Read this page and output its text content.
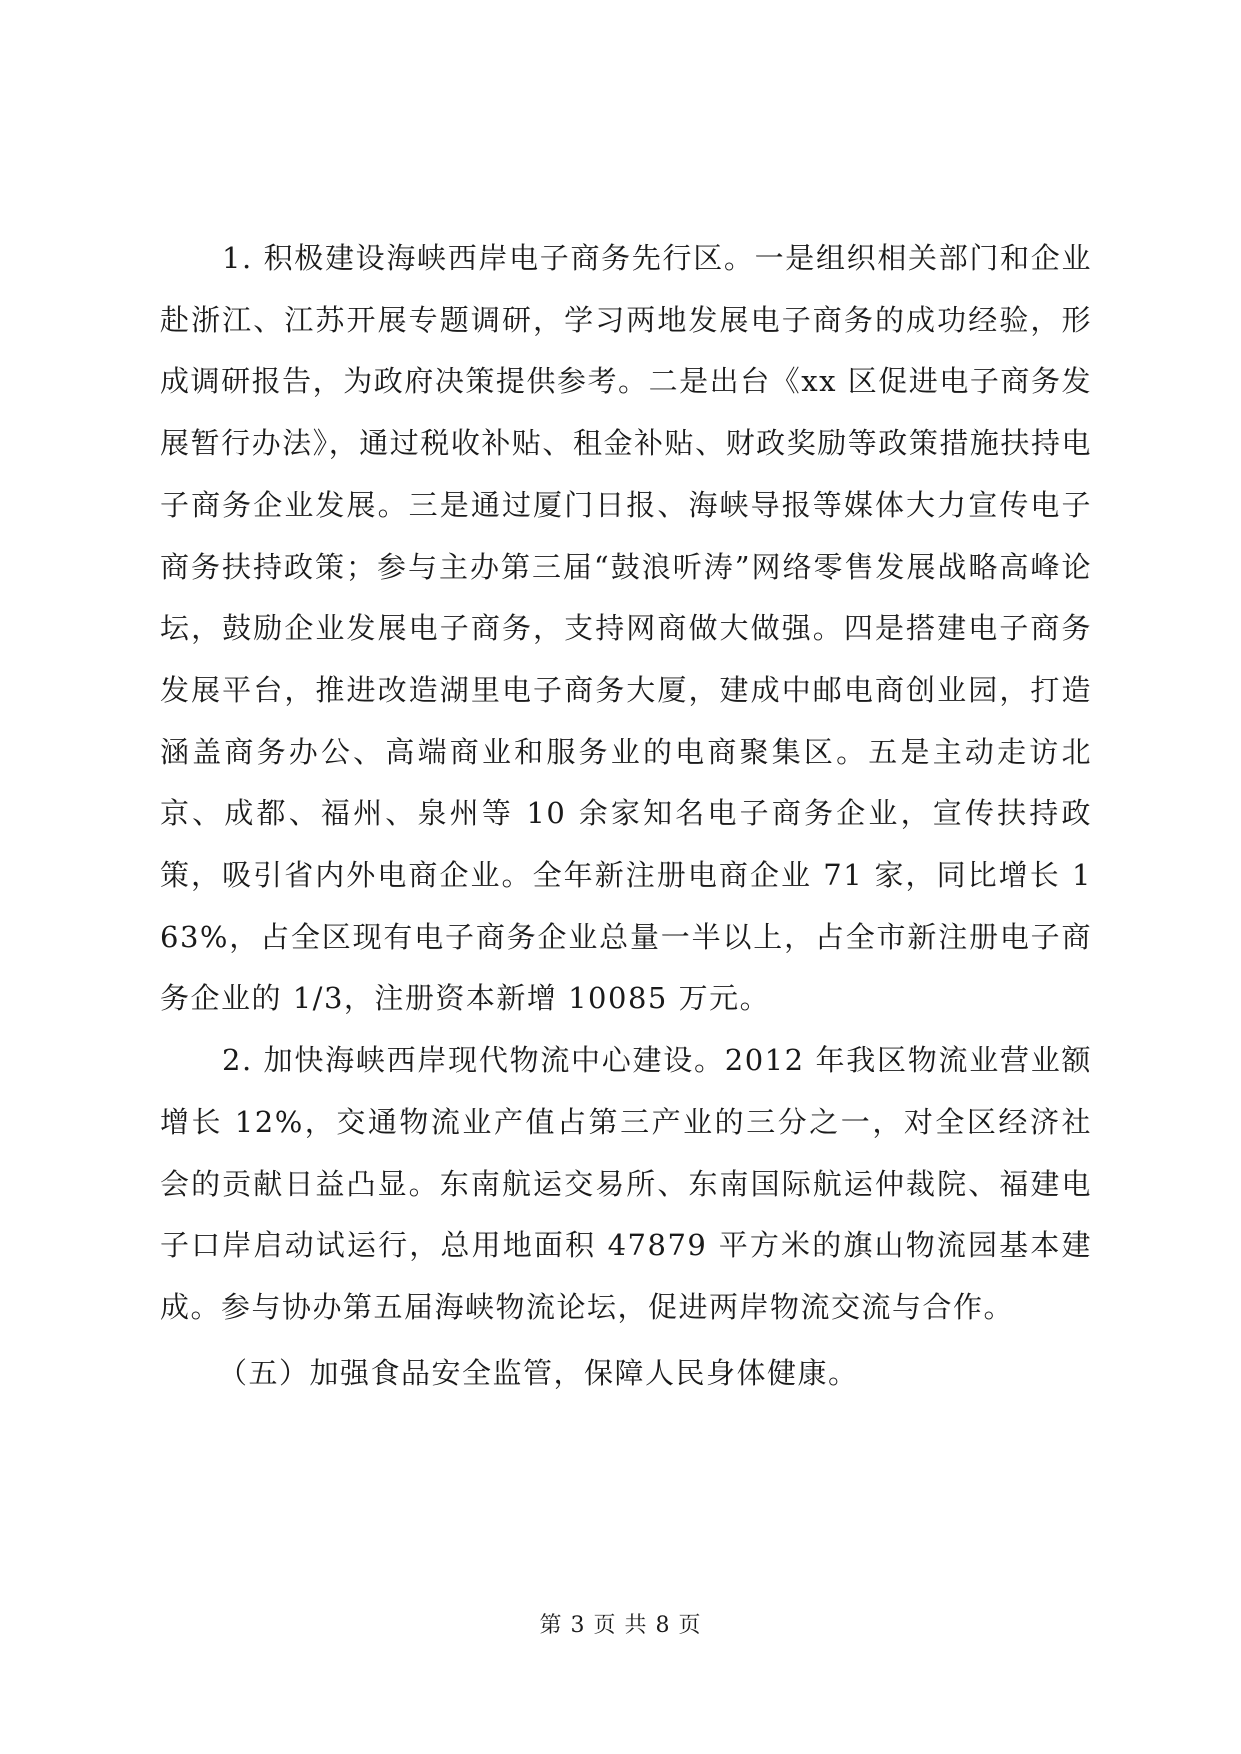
1. 积极建设海峡西岸电子商务先行区。一是组织相关部门和企业赴浙江、江苏开展专题调研，学习两地发展电子商务的成功经验，形成调研报告，为政府决策提供参考。二是出台《xx 区促进电子商务发展暂行办法》，通过税收补贴、租金补贴、财政奖励等政策措施扶持电子商务企业发展。三是通过厦门日报、海峡导报等媒体大力宣传电子商务扶持政策；参与主办第三届“鼓浪听涛”网络零售发展战略高峰论坛，鼓励企业发展电子商务，支持网商做大做强。四是搭建电子商务发展平台，推进改造湖里电子商务大厦，建成中邮电商创业园，打造涵盖商务办公、高端商业和服务业的电商聚集区。五是主动走访北京、成都、福州、泉州等 10 余家知名电子商务企业，宣传扶持政策，吸引省内外电商企业。全年新注册电商企业 71 家，同比增长 163%，占全区现有电子商务企业总量一半以上，占全市新注册电子商务企业的 1/3，注册资本新增 10085 万元。

2. 加快海峡西岸现代物流中心建设。2012 年我区物流业营业额增长 12%，交通物流业产值占第三产业的三分之一，对全区经济社会的贡献日益凸显。东南航运交易所、东南国际航运仲裁院、福建电子口岸启动试运行，总用地面积 47879 平方米的旗山物流园基本建成。参与协办第五届海峡物流论坛，促进两岸物流交流与合作。

（五）加强食品安全监管，保障人民身体健康。

第 3 页 共 8 页
